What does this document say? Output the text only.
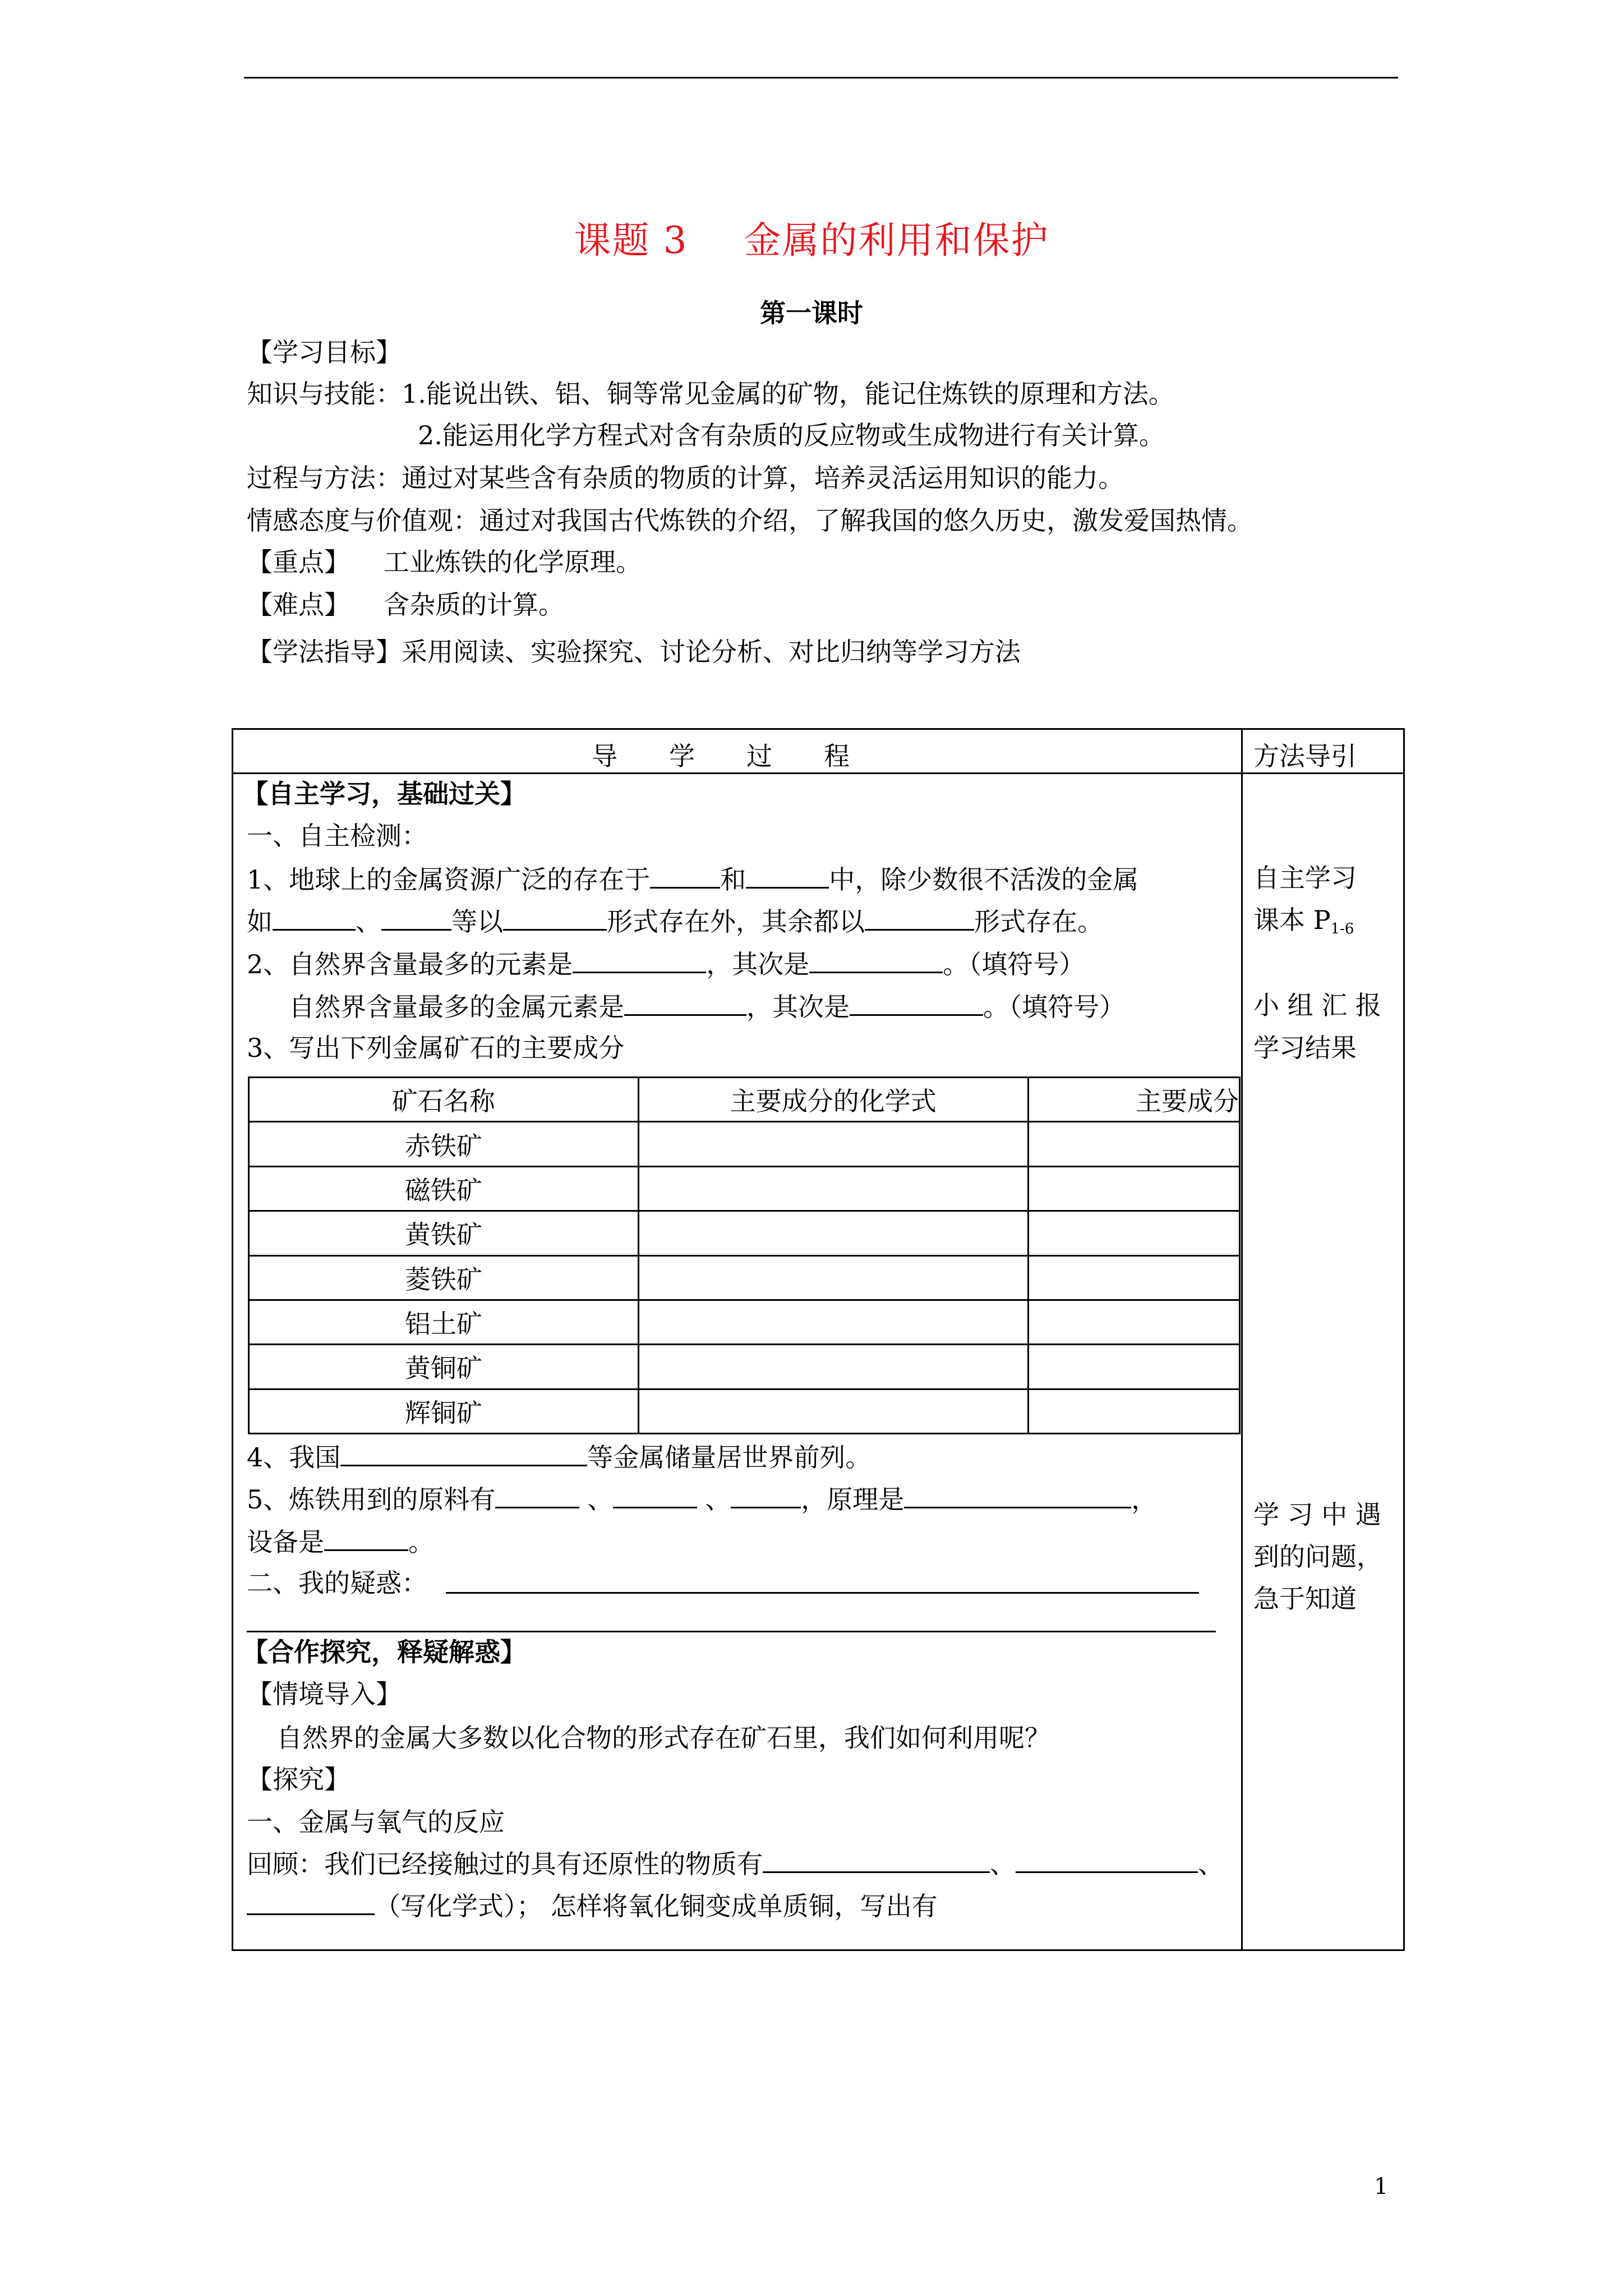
课题 3 金属的利用和保护
第一课时
【学习目标】
知识与技能：1.能说出铁、铝、铜等常见金属的矿物，能记住炼铁的原理和方法。
2.能运用化学方程式对含有杂质的反应物或生成物进行有关计算。
过程与方法：通过对某些含有杂质的物质的计算，培养灵活运用知识的能力。
情感态度与价值观：通过对我国古代炼铁的介绍，了解我国的悠久历史，激发爱国热情。
【重点】 工业炼铁的化学原理。
【难点】 含杂质的计算。
【学法指导】采用阅读、实验探究、讨论分析、对比归纳等学习方法
导　　学　　过　　程	方法导引
【自主学习，基础过关】
一、自主检测：
1、地球上的金属资源广泛的存在于	和	中，除少数很不活泼的金属
如	、	等以	形式存在外，其余都以	形式存在。
2、自然界含量最多的元素是	，其次是	。（填符号）
自然界含量最多的金属元素是	，其次是	。（填符号）
3、写出下列金属矿石的主要成分
矿石名称	主要成分的化学式	主要成分
赤铁矿		
磁铁矿		
黄铁矿		
菱铁矿		
铝土矿		
黄铜矿		
辉铜矿		
4、我国	等金属储量居世界前列。
5、炼铁用到的原料有	、	、	，原理是	，
设备是	。
二、我的疑惑：
【合作探究，释疑解惑】
【情境导入】
自然界的金属大多数以化合物的形式存在矿石里，我们如何利用呢？
【探究】
一、金属与氧气的反应
回顾：我们已经接触过的具有还原性的物质有	、	、
（写化学式）； 怎样将氧化铜变成单质铜，写出有
自主学习
课本 $P_{1-6}$
小 组 汇 报
学习结果
学 习 中 遇
到的问题，
急于知道
1
